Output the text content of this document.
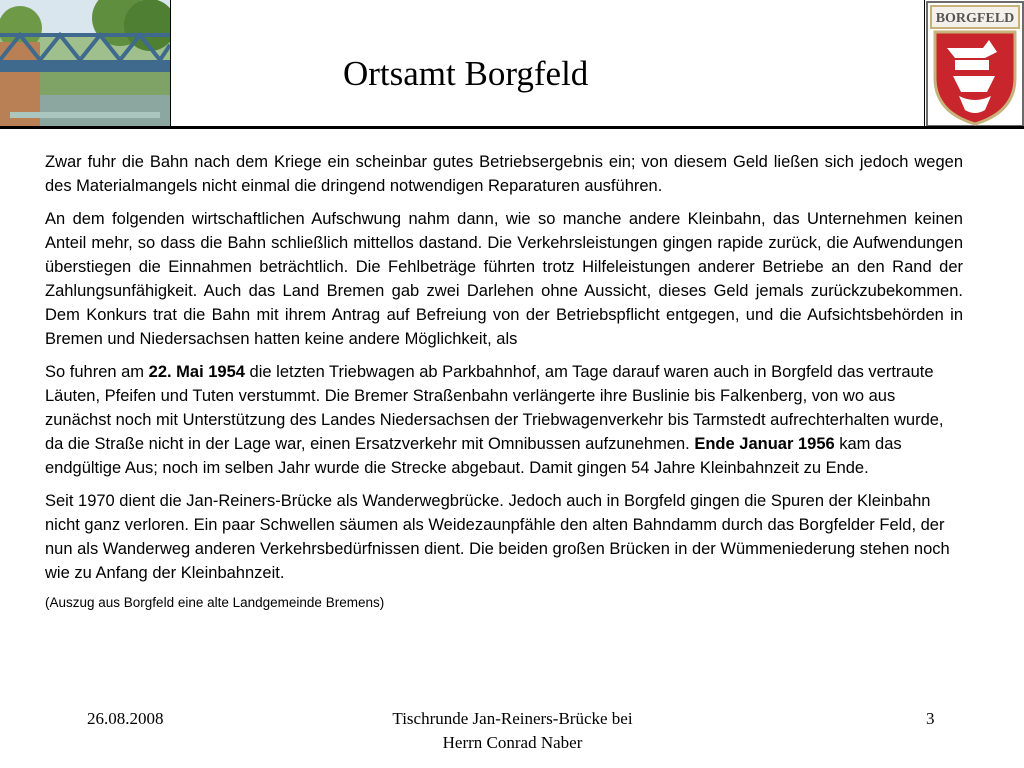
Ortsamt Borgfeld
BORGFELD

Zwar fuhr die Bahn nach dem Kriege ein scheinbar gutes Betriebsergebnis ein; von diesem Geld ließen sich jedoch wegen des Materialmangels nicht einmal die dringend notwendigen Reparaturen ausführen.

An dem folgenden wirtschaftlichen Aufschwung nahm dann, wie so manche andere Kleinbahn, das Unternehmen keinen Anteil mehr, so dass die Bahn schließlich mittellos dastand. Die Verkehrsleistungen gingen rapide zurück, die Aufwendungen überstiegen die Einnahmen beträchtlich. Die Fehlbeträge führten trotz Hilfeleistungen anderer Betriebe an den Rand der Zahlungsunfähigkeit. Auch das Land Bremen gab zwei Darlehen ohne Aussicht, dieses Geld jemals zurückzubekommen. Dem Konkurs trat die Bahn mit ihrem Antrag auf Befreiung von der Betriebspflicht entgegen, und die Aufsichtsbehörden in Bremen und Niedersachsen hatten keine andere Möglichkeit, als

So fuhren am 22. Mai 1954 die letzten Triebwagen ab Parkbahnhof, am Tage darauf waren auch in Borgfeld das vertraute Läuten, Pfeifen und Tuten verstummt. Die Bremer Straßenbahn verlängerte ihre Buslinie bis Falkenberg, von wo aus zunächst noch mit Unterstützung des Landes Niedersachsen der Triebwagenverkehr bis Tarmstedt aufrechterhalten wurde, da die Straße nicht in der Lage war, einen Ersatzverkehr mit Omnibussen aufzunehmen. Ende Januar 1956 kam das endgültige Aus; noch im selben Jahr wurde die Strecke abgebaut. Damit gingen 54 Jahre Kleinbahnzeit zu Ende.

Seit 1970 dient die Jan-Reiners-Brücke als Wanderwegbrücke. Jedoch auch in Borgfeld gingen die Spuren der Kleinbahn nicht ganz verloren. Ein paar Schwellen säumen als Weidezaunpfähle den alten Bahndamm durch das Borgfelder Feld, der nun als Wanderweg anderen Verkehrsbedürfnissen dient. Die beiden großen Brücken in der Wümmeniederung stehen noch wie zu Anfang der Kleinbahnzeit.

(Auszug aus Borgfeld eine alte Landgemeinde Bremens)

26.08.2008	Tischrunde Jan-Reiners-Brücke bei
Herrn Conrad Naber
3
